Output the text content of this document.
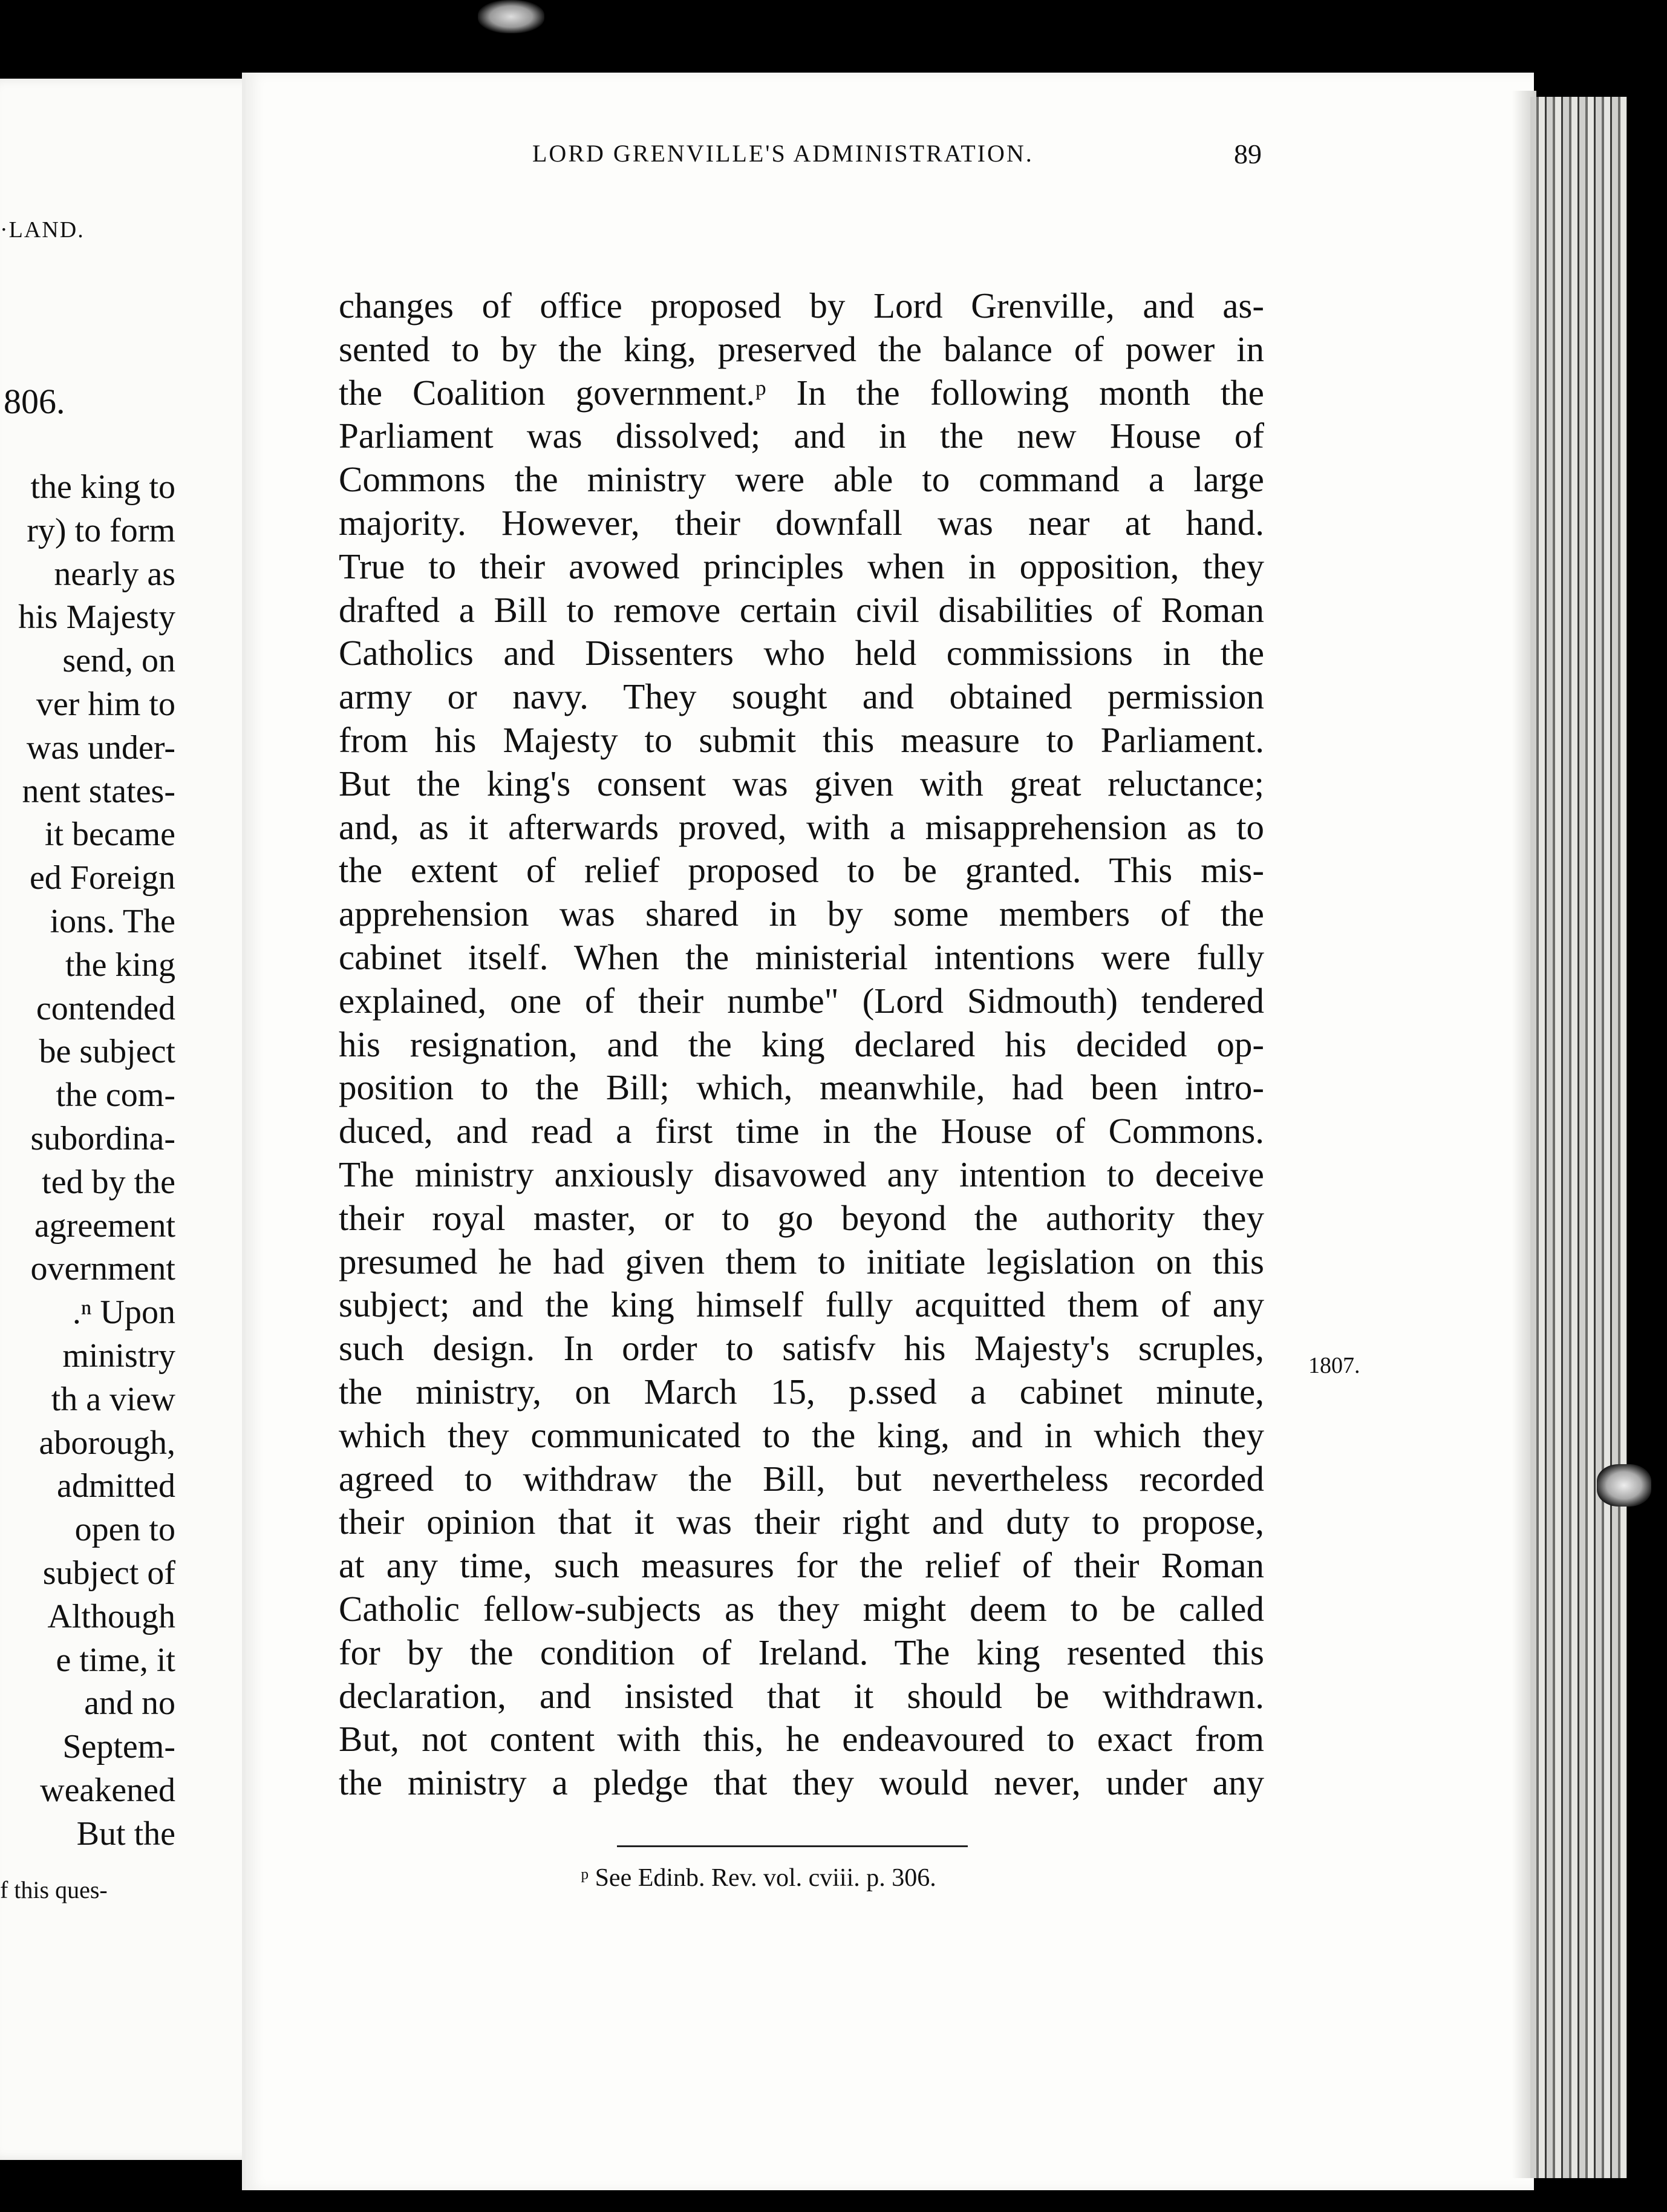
·LAND.
806.
the king to
ry) to form
nearly as
his Majesty
send, on
ver him to
was under-
nent states-
it became
ed Foreign
ions. The
the king
contended
be subject
the com-
subordina-
ted by the
agreement
overnment
.ⁿ Upon
ministry
th a view
aborough,
admitted
open to
subject of
Although
e time, it
and no
Septem-
weakened
But the
f this ques-
LORD GRENVILLE'S ADMINISTRATION.	89
changes of office proposed by Lord Grenville, and as-
sented to by the king, preserved the balance of power in
the Coalition government.ᵖ In the following month the
Parliament was dissolved; and in the new House of
Commons the ministry were able to command a large
majority. However, their downfall was near at hand.
True to their avowed principles when in opposition, they
drafted a Bill to remove certain civil disabilities of Roman
Catholics and Dissenters who held commissions in the
army or navy. They sought and obtained permission
from his Majesty to submit this measure to Parliament.
But the king's consent was given with great reluctance;
and, as it afterwards proved, with a misapprehension as to
the extent of relief proposed to be granted. This mis-
apprehension was shared in by some members of the
cabinet itself. When the ministerial intentions were fully
explained, one of their numbe" (Lord Sidmouth) tendered
his resignation, and the king declared his decided op-
position to the Bill; which, meanwhile, had been intro-
duced, and read a first time in the House of Commons.
The ministry anxiously disavowed any intention to deceive
their royal master, or to go beyond the authority they
presumed he had given them to initiate legislation on this
subject; and the king himself fully acquitted them of any
such design. In order to satisfv his Majesty's scruples,
the ministry, on March 15, p.ssed a cabinet minute,
which they communicated to the king, and in which they
agreed to withdraw the Bill, but nevertheless recorded
their opinion that it was their right and duty to propose,
at any time, such measures for the relief of their Roman
Catholic fellow-subjects as they might deem to be called
for by the condition of Ireland. The king resented this
declaration, and insisted that it should be withdrawn.
But, not content with this, he endeavoured to exact from
the ministry a pledge that they would never, under any
1807.
ᵖ See Edinb. Rev. vol. cviii. p. 306.
